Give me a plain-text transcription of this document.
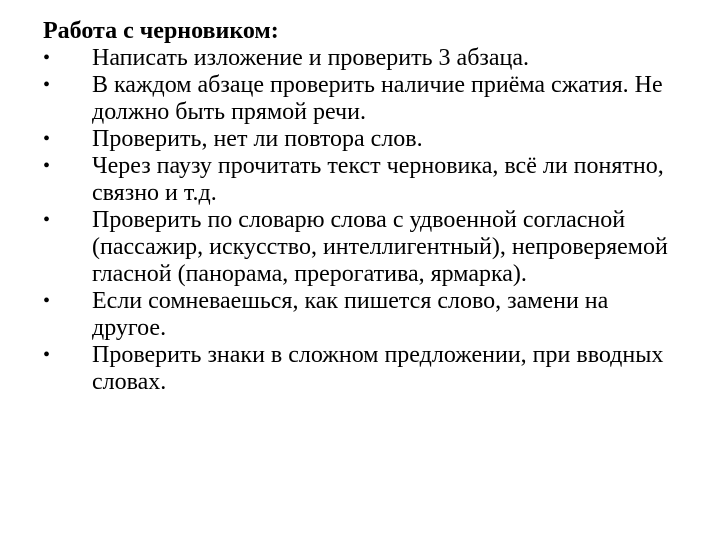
Работа с черновиком:

•	Написать изложение и проверить 3 абзаца.
•	В каждом абзаце проверить наличие приёма сжатия. Не должно быть прямой речи.
•	Проверить, нет ли повтора слов.
•	Через паузу прочитать текст черновика, всё ли понятно, связно и т.д.
•	Проверить по словарю слова с удвоенной согласной (пассажир, искусство, интеллигентный), непроверяемой гласной (панорама, прерогатива, ярмарка).
•	Если сомневаешься, как пишется слово, замени на другое.
•	Проверить знаки в сложном предложении, при вводных словах.
